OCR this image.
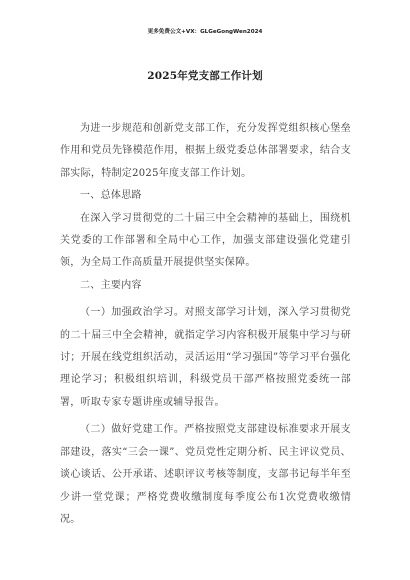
更多免费公文+VX：GLGeGongWen2024
2025年党支部工作计划

为进一步规范和创新党支部工作，充分发挥党组织核心堡垒作用和党员先锋模范作用，根据上级党委总体部署要求，结合支部实际，特制定2025年度支部工作计划。

一、总体思路

在深入学习贯彻党的二十届三中全会精神的基础上，围绕机关党委的工作部署和全局中心工作，加强支部建设强化党建引领，为全局工作高质量开展提供坚实保障。

二、主要内容

（一）加强政治学习。对照支部学习计划，深入学习贯彻党的二十届三中全会精神，就指定学习内容积极开展集中学习与研讨；开展在线党组织活动，灵活运用“学习强国”等学习平台强化理论学习；积极组织培训，科级党员干部严格按照党委统一部署，听取专家专题讲座或辅导报告。

（二）做好党建工作。严格按照党支部建设标准要求开展支部建设，落实“三会一课”、党员党性定期分析、民主评议党员、谈心谈话、公开承诺、述职评议考核等制度，支部书记每半年至少讲一堂党课；严格党费收缴制度每季度公布1次党费收缴情况。
